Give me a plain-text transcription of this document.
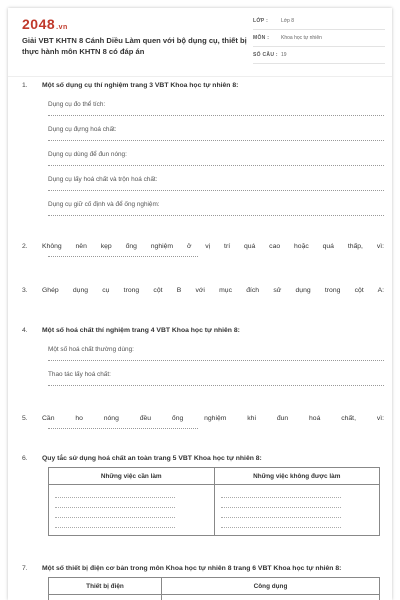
2048.vn
Giải VBT KHTN 8 Cánh Diều Làm quen với bộ dụng cụ, thiết bị thực hành môn KHTN 8 có đáp án
LỚP :	Lớp 8
MÔN :	Khoa học tự nhiên
SỐ CÂU : 19
1.	Một số dụng cụ thí nghiệm trang 3 VBT Khoa học tự nhiên 8:
Dụng cụ đo thể tích:
Dụng cụ đựng hoá chất:
Dụng cụ dùng để đun nóng:
Dụng cụ lấy hoá chất và trộn hoá chất:
Dụng cụ giữ cố định và để ống nghiệm:
2.	Không nên kẹp ống nghiệm ở vị trí quá cao hoặc quá thấp, vì:
3.	Ghép dụng cụ trong cột B với mục đích sử dụng trong cột A:
4.	Một số hoá chất thí nghiệm trang 4 VBT Khoa học tự nhiên 8:
Một số hoá chất thường dùng:
Thao tác lấy hoá chất:
5.	Cần ho nóng đều ống nghiệm khi đun hoá chất, vì:
6.	Quy tắc sử dụng hoá chất an toàn trang 5 VBT Khoa học tự nhiên 8:
Những việc cần làm	Những việc không được làm

7.	Một số thiết bị điện cơ bản trong môn Khoa học tự nhiên 8 trang 6 VBT Khoa học tự nhiên 8:
Thiết bị điện	Công dụng
